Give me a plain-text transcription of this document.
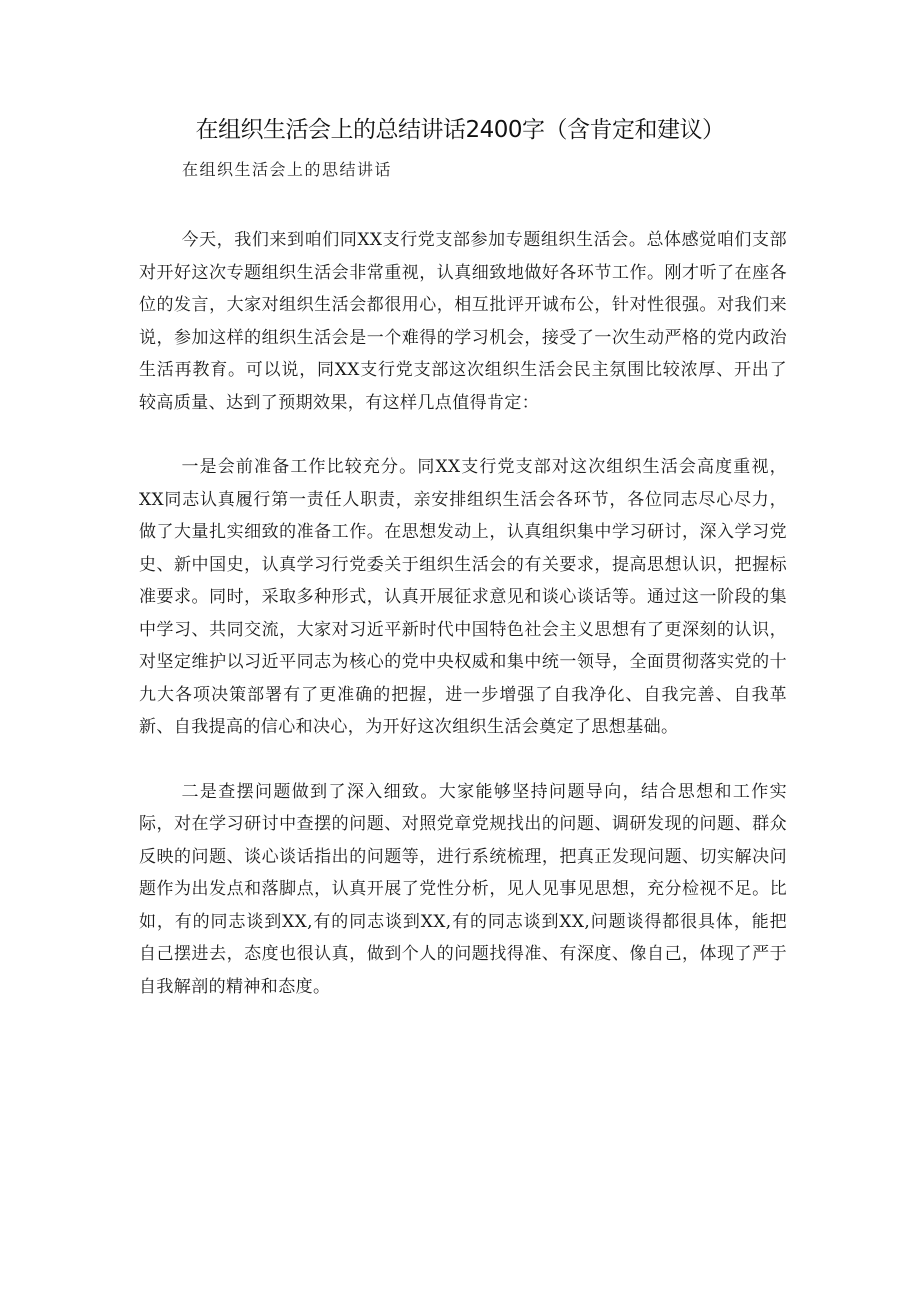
在组织生活会上的总结讲话2400字（含肯定和建议）
在组织生活会上的思结讲话

今天，我们来到咱们同XX支行党支部参加专题组织生活会。总体感觉咱们支部对开好这次专题组织生活会非常重视，认真细致地做好各环节工作。刚才听了在座各位的发言，大家对组织生活会都很用心，相互批评开诚布公，针对性很强。对我们来说，参加这样的组织生活会是一个难得的学习机会，接受了一次生动严格的党内政治生活再教育。可以说，同XX支行党支部这次组织生活会民主氛围比较浓厚、开出了较高质量、达到了预期效果，有这样几点值得肯定：

一是会前准备工作比较充分。同XX支行党支部对这次组织生活会高度重视，XX同志认真履行第一责任人职责，亲安排组织生活会各环节，各位同志尽心尽力，做了大量扎实细致的准备工作。在思想发动上，认真组织集中学习研讨，深入学习党史、新中国史，认真学习行党委关于组织生活会的有关要求，提高思想认识，把握标准要求。同时，采取多种形式，认真开展征求意见和谈心谈话等。通过这一阶段的集中学习、共同交流，大家对习近平新时代中国特色社会主义思想有了更深刻的认识，对坚定维护以习近平同志为核心的党中央权威和集中统一领导，全面贯彻落实党的十九大各项决策部署有了更准确的把握，进一步增强了自我净化、自我完善、自我革新、自我提高的信心和决心，为开好这次组织生活会奠定了思想基础。

二是查摆问题做到了深入细致。大家能够坚持问题导向，结合思想和工作实际，对在学习研讨中查摆的问题、对照党章党规找出的问题、调研发现的问题、群众反映的问题、谈心谈话指出的问题等，进行系统梳理，把真正发现问题、切实解决问题作为出发点和落脚点，认真开展了党性分析，见人见事见思想，充分检视不足。比如，有的同志谈到XX,有的同志谈到XX,有的同志谈到XX,问题谈得都很具体，能把自己摆进去，态度也很认真，做到个人的问题找得准、有深度、像自己，体现了严于自我解剖的精神和态度。
